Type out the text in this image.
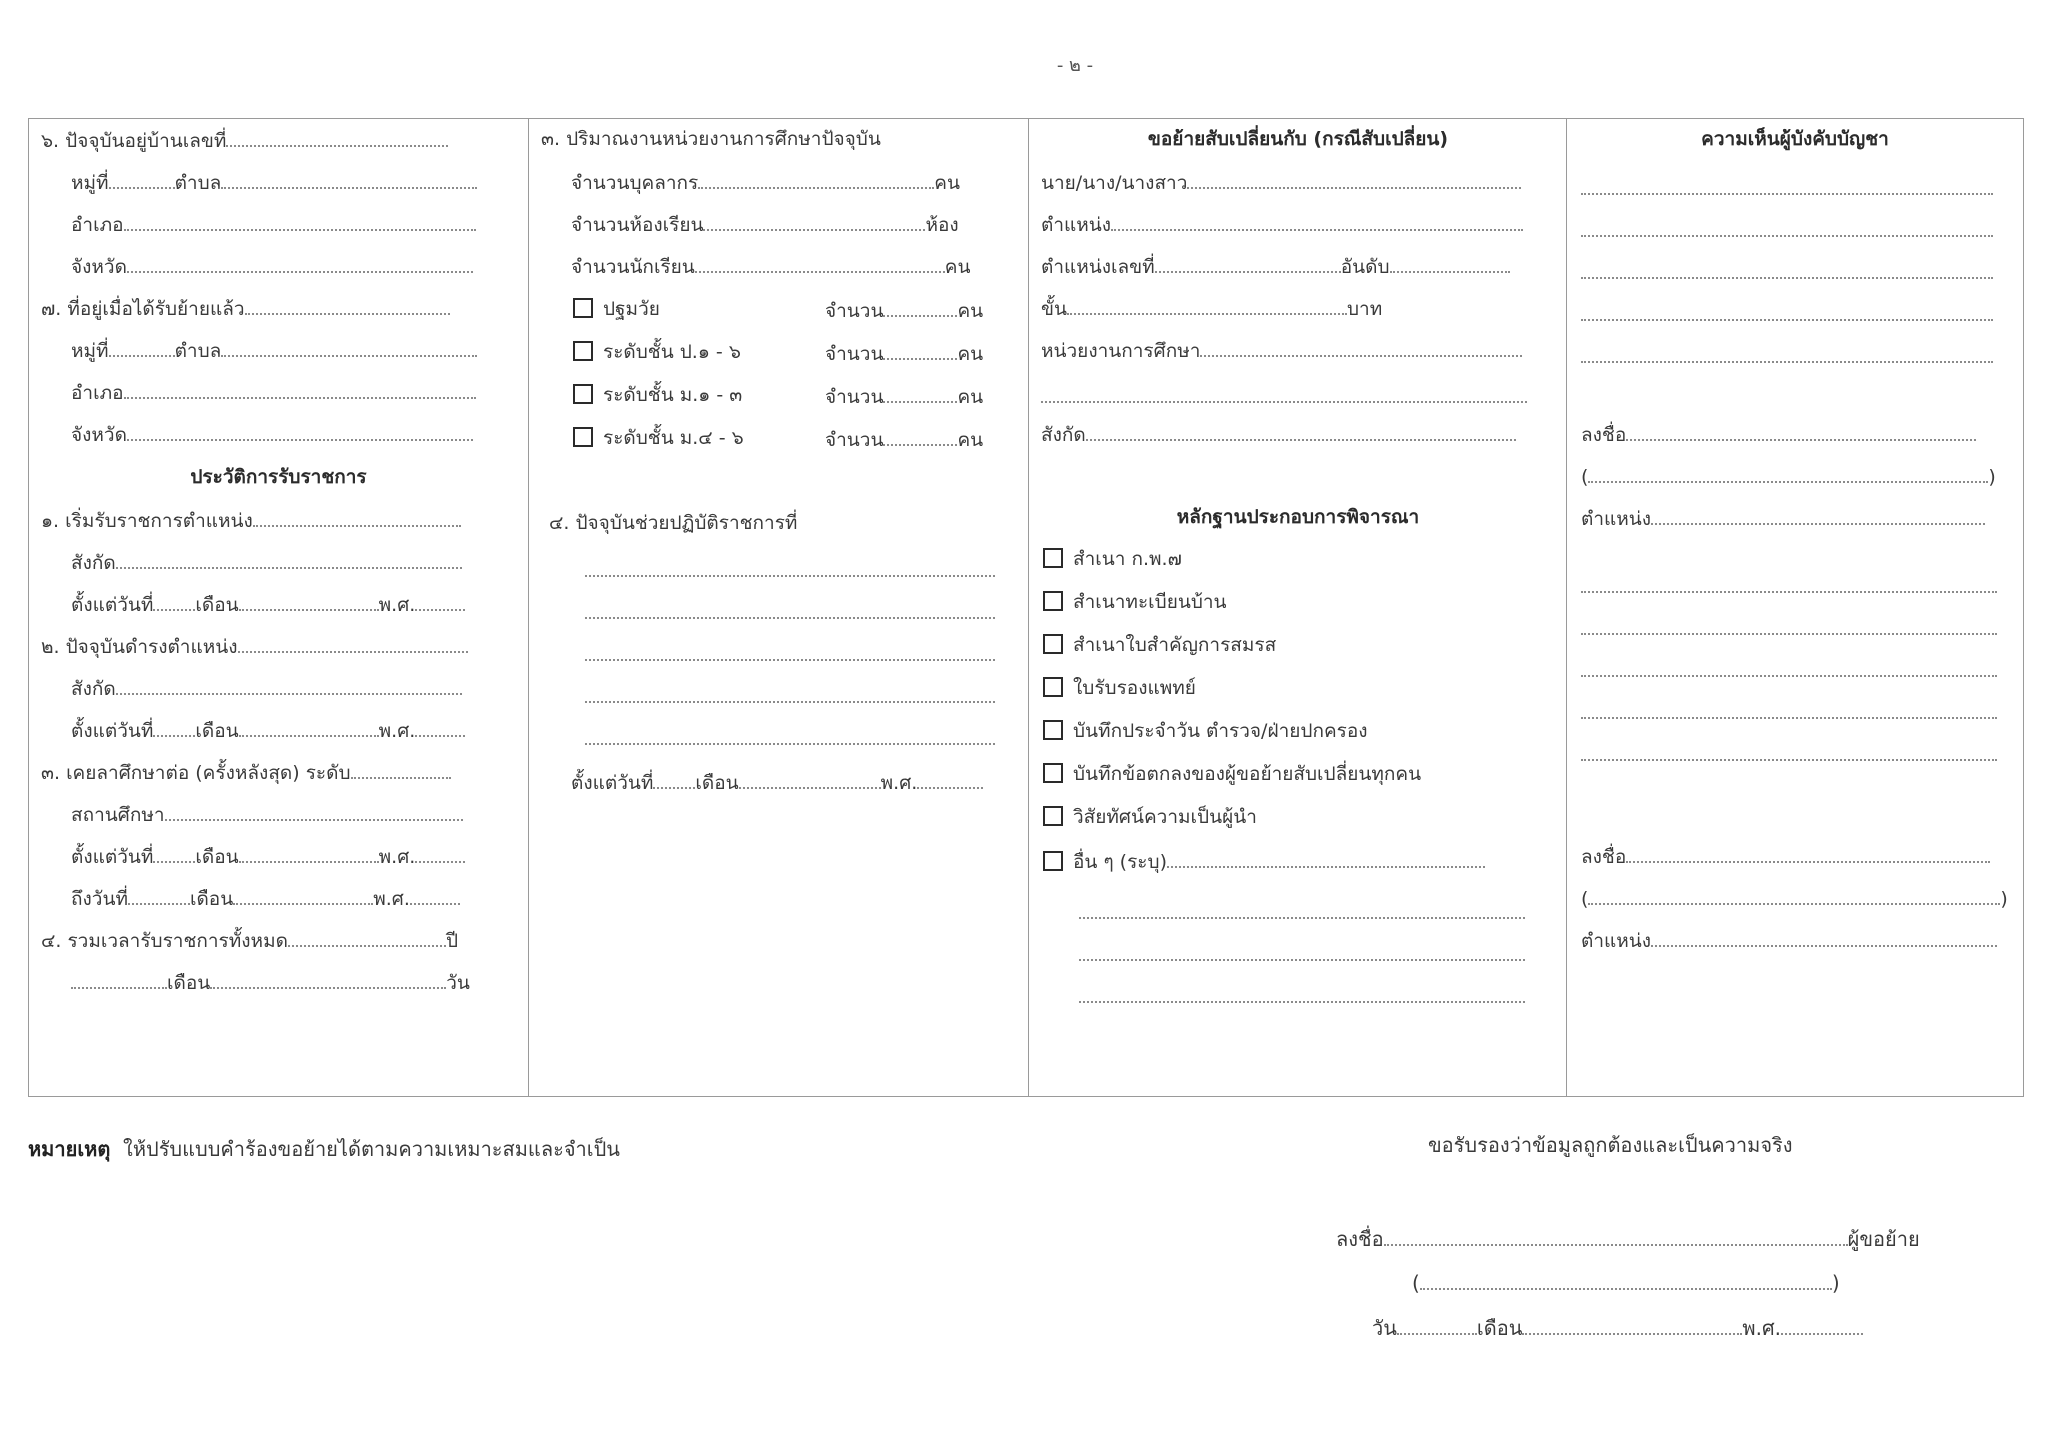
- ๒ -
๖. ปัจจุบันอยู่บ้านเลขที่
หมู่ที่	ตำบล
อำเภอ
จังหวัด
๗. ที่อยู่เมื่อได้รับย้ายแล้ว
หมู่ที่	ตำบล
อำเภอ
จังหวัด
ประวัติการรับราชการ
๑. เริ่มรับราชการตำแหน่ง
สังกัด
ตั้งแต่วันที่ เดือน	พ.ศ.
๒. ปัจจุบันดำรงตำแหน่ง
สังกัด
ตั้งแต่วันที่ เดือน	พ.ศ.
๓. เคยลาศึกษาต่อ (ครั้งหลังสุด) ระดับ
สถานศึกษา
ตั้งแต่วันที่ เดือน	พ.ศ.
ถึงวันที่	เดือน	พ.ศ.
๔. รวมเวลารับราชการทั้งหมด	ปี
เดือน	วัน
๓. ปริมาณงานหน่วยงานการศึกษาปัจจุบัน
จำนวนบุคลากร	คน
จำนวนห้องเรียน	ห้อง
จำนวนนักเรียน	คน
ปฐมวัย	จำนวน	คน
ระดับชั้น ป.๑ - ๖	จำนวน	คน
ระดับชั้น ม.๑ - ๓	จำนวน	คน
ระดับชั้น ม.๔ - ๖	จำนวน	คน
๔. ปัจจุบันช่วยปฏิบัติราชการที่
ตั้งแต่วันที่ เดือน	พ.ศ.
ขอย้ายสับเปลี่ยนกับ (กรณีสับเปลี่ยน)
นาย/นาง/นางสาว
ตำแหน่ง
ตำแหน่งเลขที่	อันดับ
ขั้น	บาท
หน่วยงานการศึกษา
สังกัด
หลักฐานประกอบการพิจารณา
สำเนา ก.พ.๗
สำเนาทะเบียนบ้าน
สำเนาใบสำคัญการสมรส
ใบรับรองแพทย์
บันทึกประจำวัน ตำรวจ/ฝ่ายปกครอง
บันทึกข้อตกลงของผู้ขอย้ายสับเปลี่ยนทุกคน
วิสัยทัศน์ความเป็นผู้นำ
อื่น ๆ (ระบุ)
ความเห็นผู้บังคับบัญชา
ลงชื่อ
(	)
ตำแหน่ง
ลงชื่อ
(	)
ตำแหน่ง
หมายเหตุ ให้ปรับแบบคำร้องขอย้ายได้ตามความเหมาะสมและจำเป็น	ขอรับรองว่าข้อมูลถูกต้องและเป็นความจริง
ลงชื่อ	ผู้ขอย้าย
(	)
วัน	เดือน	พ.ศ.
